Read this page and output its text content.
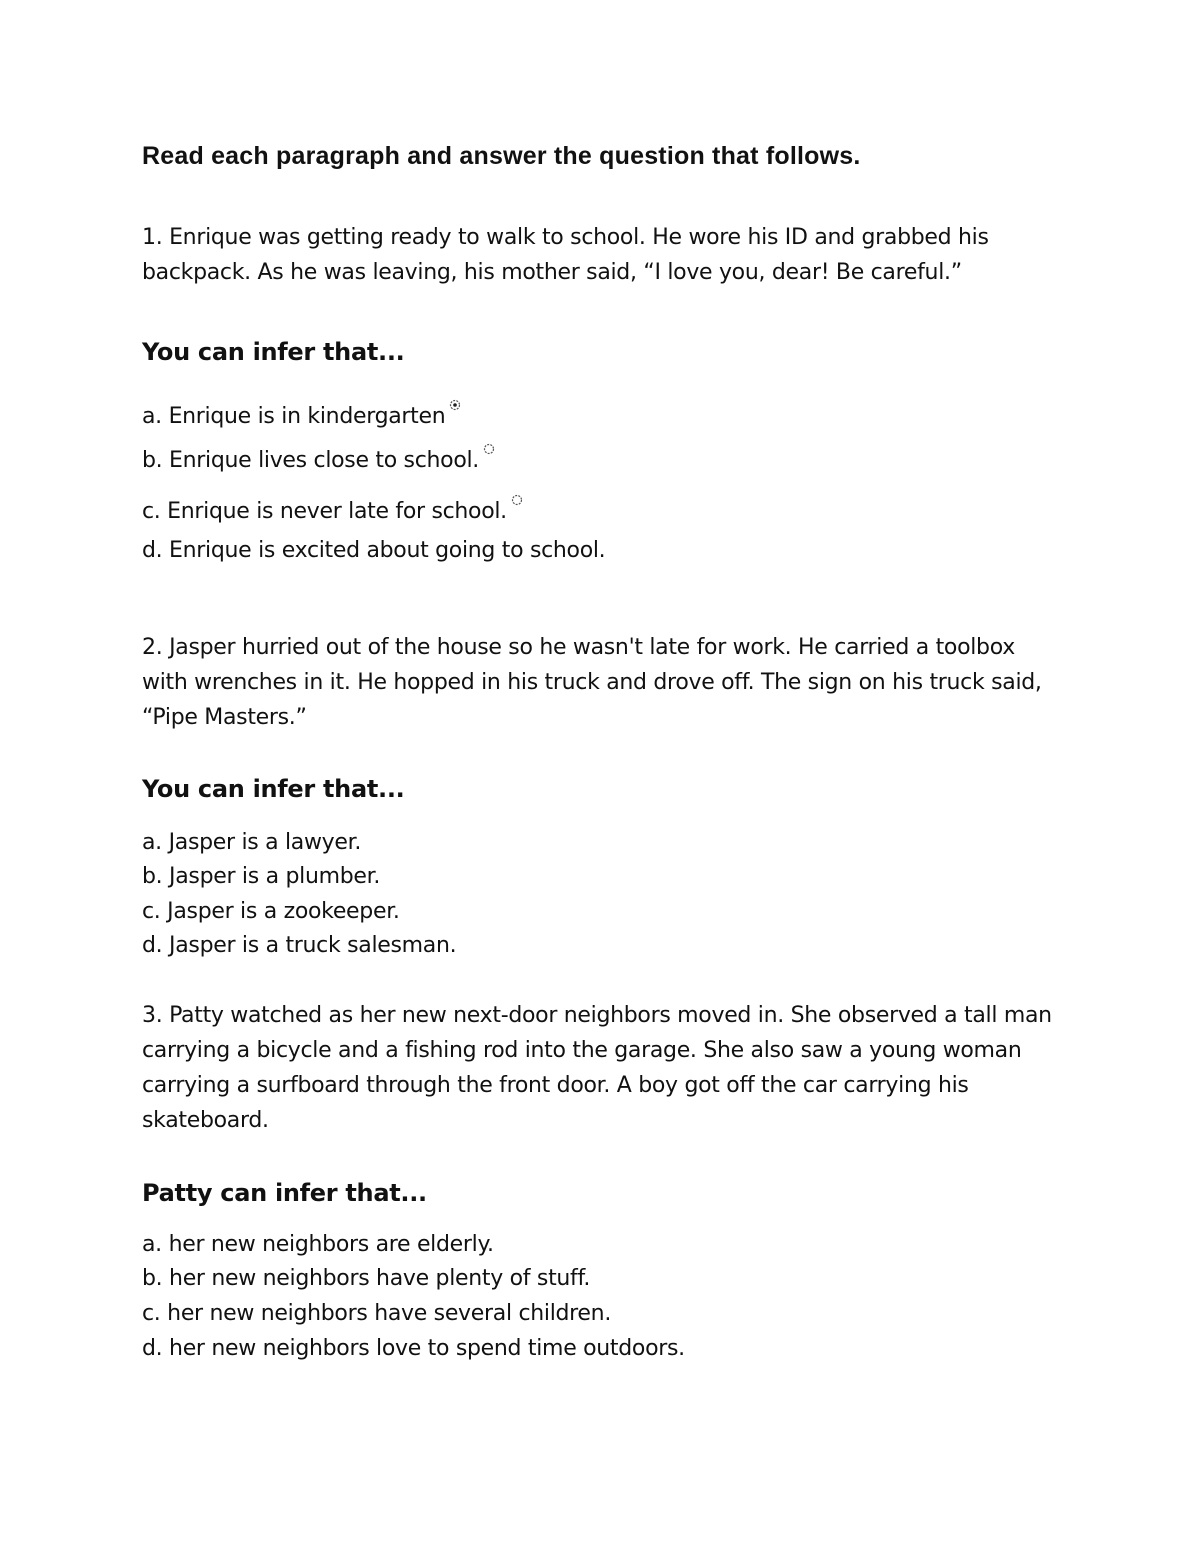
Read each paragraph and answer the question that follows.

1. Enrique was getting ready to walk to school. He wore his ID and grabbed his backpack. As he was leaving, his mother said, “I love you, dear! Be careful.”

You can infer that...

a. Enrique is in kindergarten
b. Enrique lives close to school.
c. Enrique is never late for school.
d. Enrique is excited about going to school.

2. Jasper hurried out of the house so he wasn't late for work. He carried a toolbox with wrenches in it. He hopped in his truck and drove off. The sign on his truck said, “Pipe Masters.”

You can infer that...

a. Jasper is a lawyer.
b. Jasper is a plumber.
c. Jasper is a zookeeper.
d. Jasper is a truck salesman.

3. Patty watched as her new next-door neighbors moved in. She observed a tall man carrying a bicycle and a fishing rod into the garage. She also saw a young woman carrying a surfboard through the front door. A boy got off the car carrying his skateboard.

Patty can infer that...

a. her new neighbors are elderly.
b. her new neighbors have plenty of stuff.
c. her new neighbors have several children.
d. her new neighbors love to spend time outdoors.
